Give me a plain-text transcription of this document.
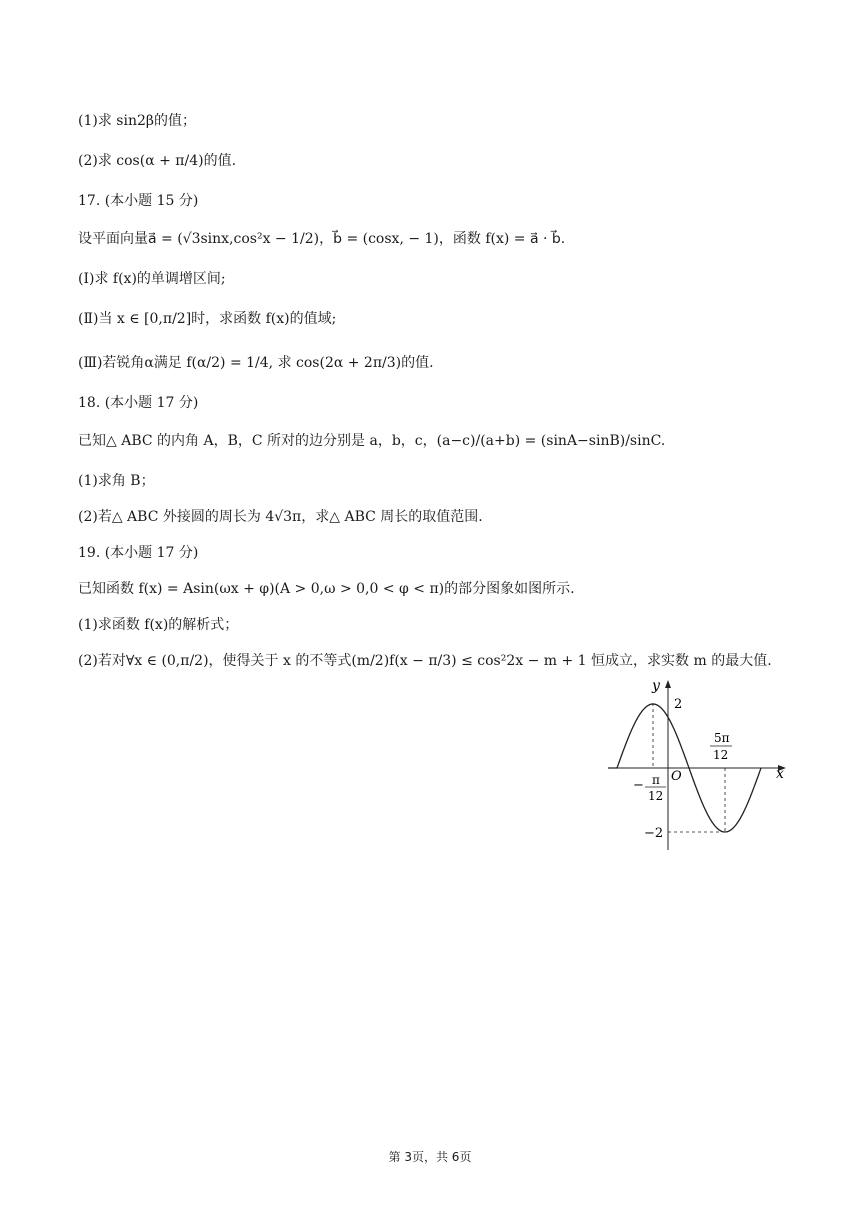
(1)求 sin2β的值；
(2)求 cos(α + π/4)的值.
17. (本小题 15 分)
设平面向量a⃗ = (√3sinx,cos²x − 1/2)，b⃗ = (cosx, − 1)，函数 f(x) = a⃗ · b⃗.
(Ⅰ)求 f(x)的单调增区间;
(Ⅱ)当 x ∈ [0,π/2]时，求函数 f(x)的值域;
(Ⅲ)若锐角α满足 f(α/2) = 1/4, 求 cos(2α + 2π/3)的值.
18. (本小题 17 分)
已知△ ABC 的内角 A，B，C 所对的边分别是 a，b，c，(a−c)/(a+b) = (sinA−sinB)/sinC.
(1)求角 B；
(2)若△ ABC 外接圆的周长为 4√3π，求△ ABC 周长的取值范围.
19. (本小题 17 分)
已知函数 f(x) = Asin(ωx + φ)(A > 0,ω > 0,0 < φ < π)的部分图象如图所示.
(1)求函数 f(x)的解析式；
(2)若对∀x ∈ (0,π/2)，使得关于 x 的不等式(m/2)f(x − π/3) ≤ cos²2x − m + 1 恒成立，求实数 m 的最大值.
y
x
O
2
−2
− π
12
5π
12
第 3页，共 6页
